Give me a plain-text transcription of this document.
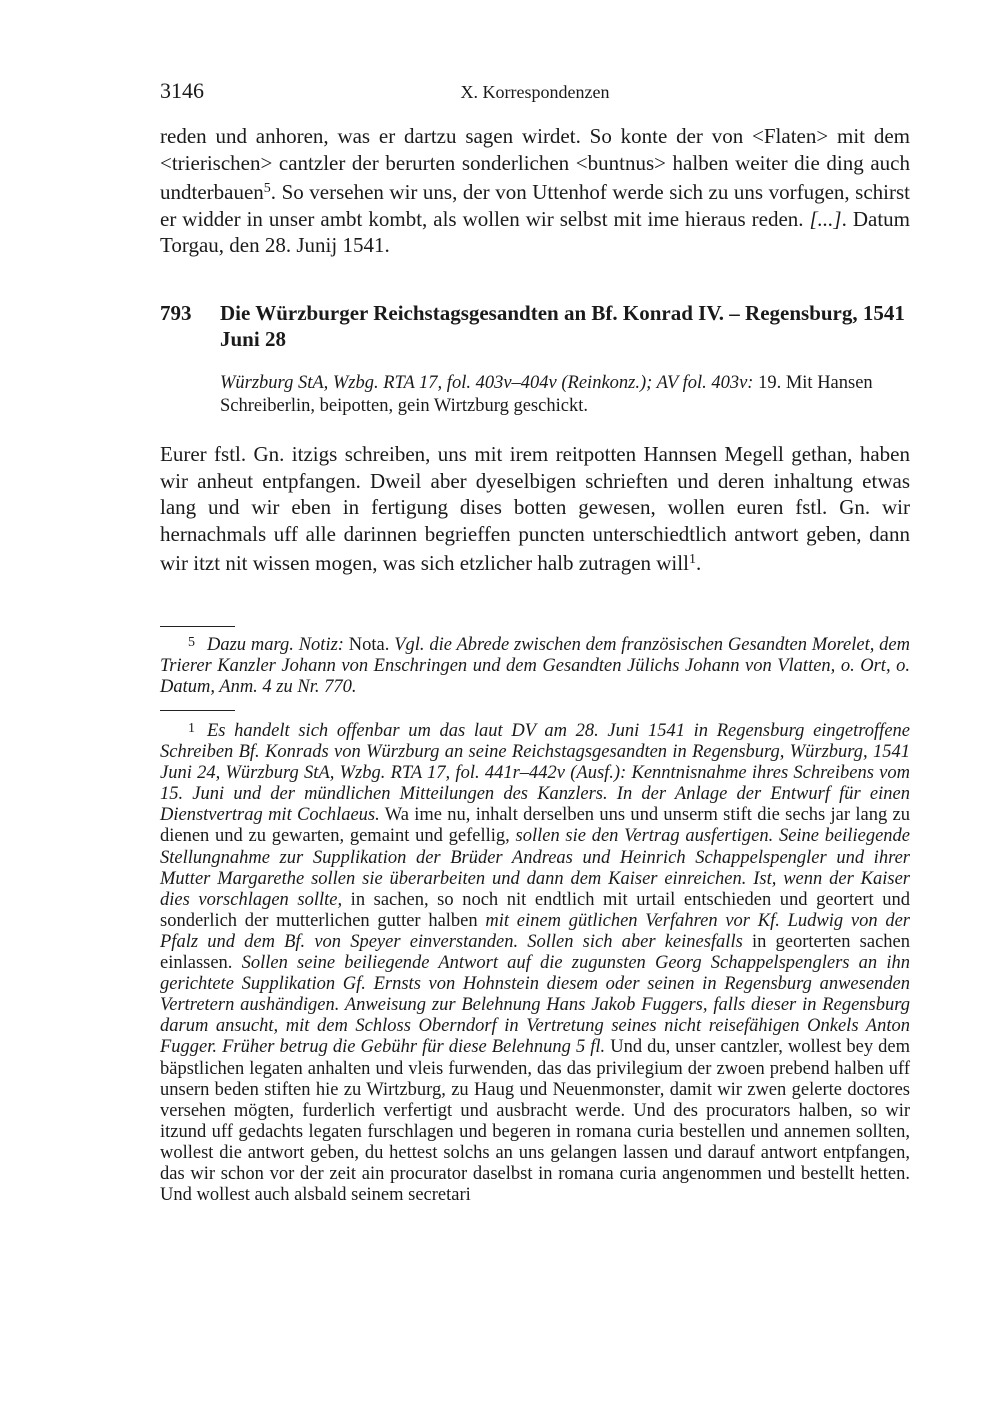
3146	X. Korrespondenzen

reden und anhoren, was er dartzu sagen wirdet. So konte der von <Flaten> mit dem <trierischen> cantzler der berurten sonderlichen <buntnus> halben weiter die ding auch undterbauen$^5$. So versehen wir uns, der von Uttenhof werde sich zu uns vorfugen, schirst er widder in unser ambt kombt, als wollen wir selbst mit ime hieraus reden. [...]. Datum Torgau, den 28. Junij 1541.

793 Die Würzburger Reichstagsgesandten an Bf. Konrad IV. – Regensburg, 1541 Juni 28
Würzburg StA, Wzbg. RTA 17, fol. 403v–404v (Reinkonz.); AV fol. 403v: 19. Mit Hansen Schreiberlin, beipotten, gein Wirtzburg geschickt.

Eurer fstl. Gn. itzigs schreiben, uns mit irem reitpotten Hannsen Megell gethan, haben wir anheut entpfangen. Dweil aber dyeselbigen schrieften und deren inhaltung etwas lang und wir eben in fertigung dises botten gewesen, wollen euren fstl. Gn. wir hernachmals uff alle darinnen begrieffen puncten unterschiedtlich antwort geben, dann wir itzt nit wissen mogen, was sich etzlicher halb zutragen will$^1$.

$^5$ Dazu marg. Notiz: Nota. Vgl. die Abrede zwischen dem französischen Gesandten Morelet, dem Trierer Kanzler Johann von Enschringen und dem Gesandten Jülichs Johann von Vlatten, o. Ort, o. Datum, Anm. 4 zu Nr. 770.

$^1$ Es handelt sich offenbar um das laut DV am 28. Juni 1541 in Regensburg eingetroffene Schreiben Bf. Konrads von Würzburg an seine Reichstagsgesandten in Regensburg, Würzburg, 1541 Juni 24, Würzburg StA, Wzbg. RTA 17, fol. 441r–442v (Ausf.): Kenntnisnahme ihres Schreibens vom 15. Juni und der mündlichen Mitteilungen des Kanzlers. In der Anlage der Entwurf für einen Dienstvertrag mit Cochlaeus. Wa ime nu, inhalt derselben uns und unserm stift die sechs jar lang zu dienen und zu gewarten, gemaint und gefellig, sollen sie den Vertrag ausfertigen. Seine beiliegende Stellungnahme zur Supplikation der Brüder Andreas und Heinrich Schappelspengler und ihrer Mutter Margarethe sollen sie überarbeiten und dann dem Kaiser einreichen. Ist, wenn der Kaiser dies vorschlagen sollte, in sachen, so noch nit endtlich mit urtail entschieden und geortert und sonderlich der mutterlichen gutter halben mit einem gütlichen Verfahren vor Kf. Ludwig von der Pfalz und dem Bf. von Speyer einverstanden. Sollen sich aber keinesfalls in georterten sachen einlassen. Sollen seine beiliegende Antwort auf die zugunsten Georg Schappelspenglers an ihn gerichtete Supplikation Gf. Ernsts von Hohnstein diesem oder seinen in Regensburg anwesenden Vertretern aushändigen. Anweisung zur Belehnung Hans Jakob Fuggers, falls dieser in Regensburg darum ansucht, mit dem Schloss Oberndorf in Vertretung seines nicht reisefähigen Onkels Anton Fugger. Früher betrug die Gebühr für diese Belehnung 5 fl. Und du, unser cantzler, wollest bey dem bäpstlichen legaten anhalten und vleis furwenden, das das privilegium der zwoen prebend halben uff unsern beden stiften hie zu Wirtzburg, zu Haug und Neuenmonster, damit wir zwen gelerte doctores versehen mögten, furderlich verfertigt und ausbracht werde. Und des procurators halben, so wir itzund uff gedachts legaten furschlagen und begeren in romana curia bestellen und annemen sollten, wollest die antwort geben, du hettest solchs an uns gelangen lassen und darauf antwort entpfangen, das wir schon vor der zeit ain procurator daselbst in romana curia angenommen und bestellt hetten. Und wollest auch alsbald seinem secretari
